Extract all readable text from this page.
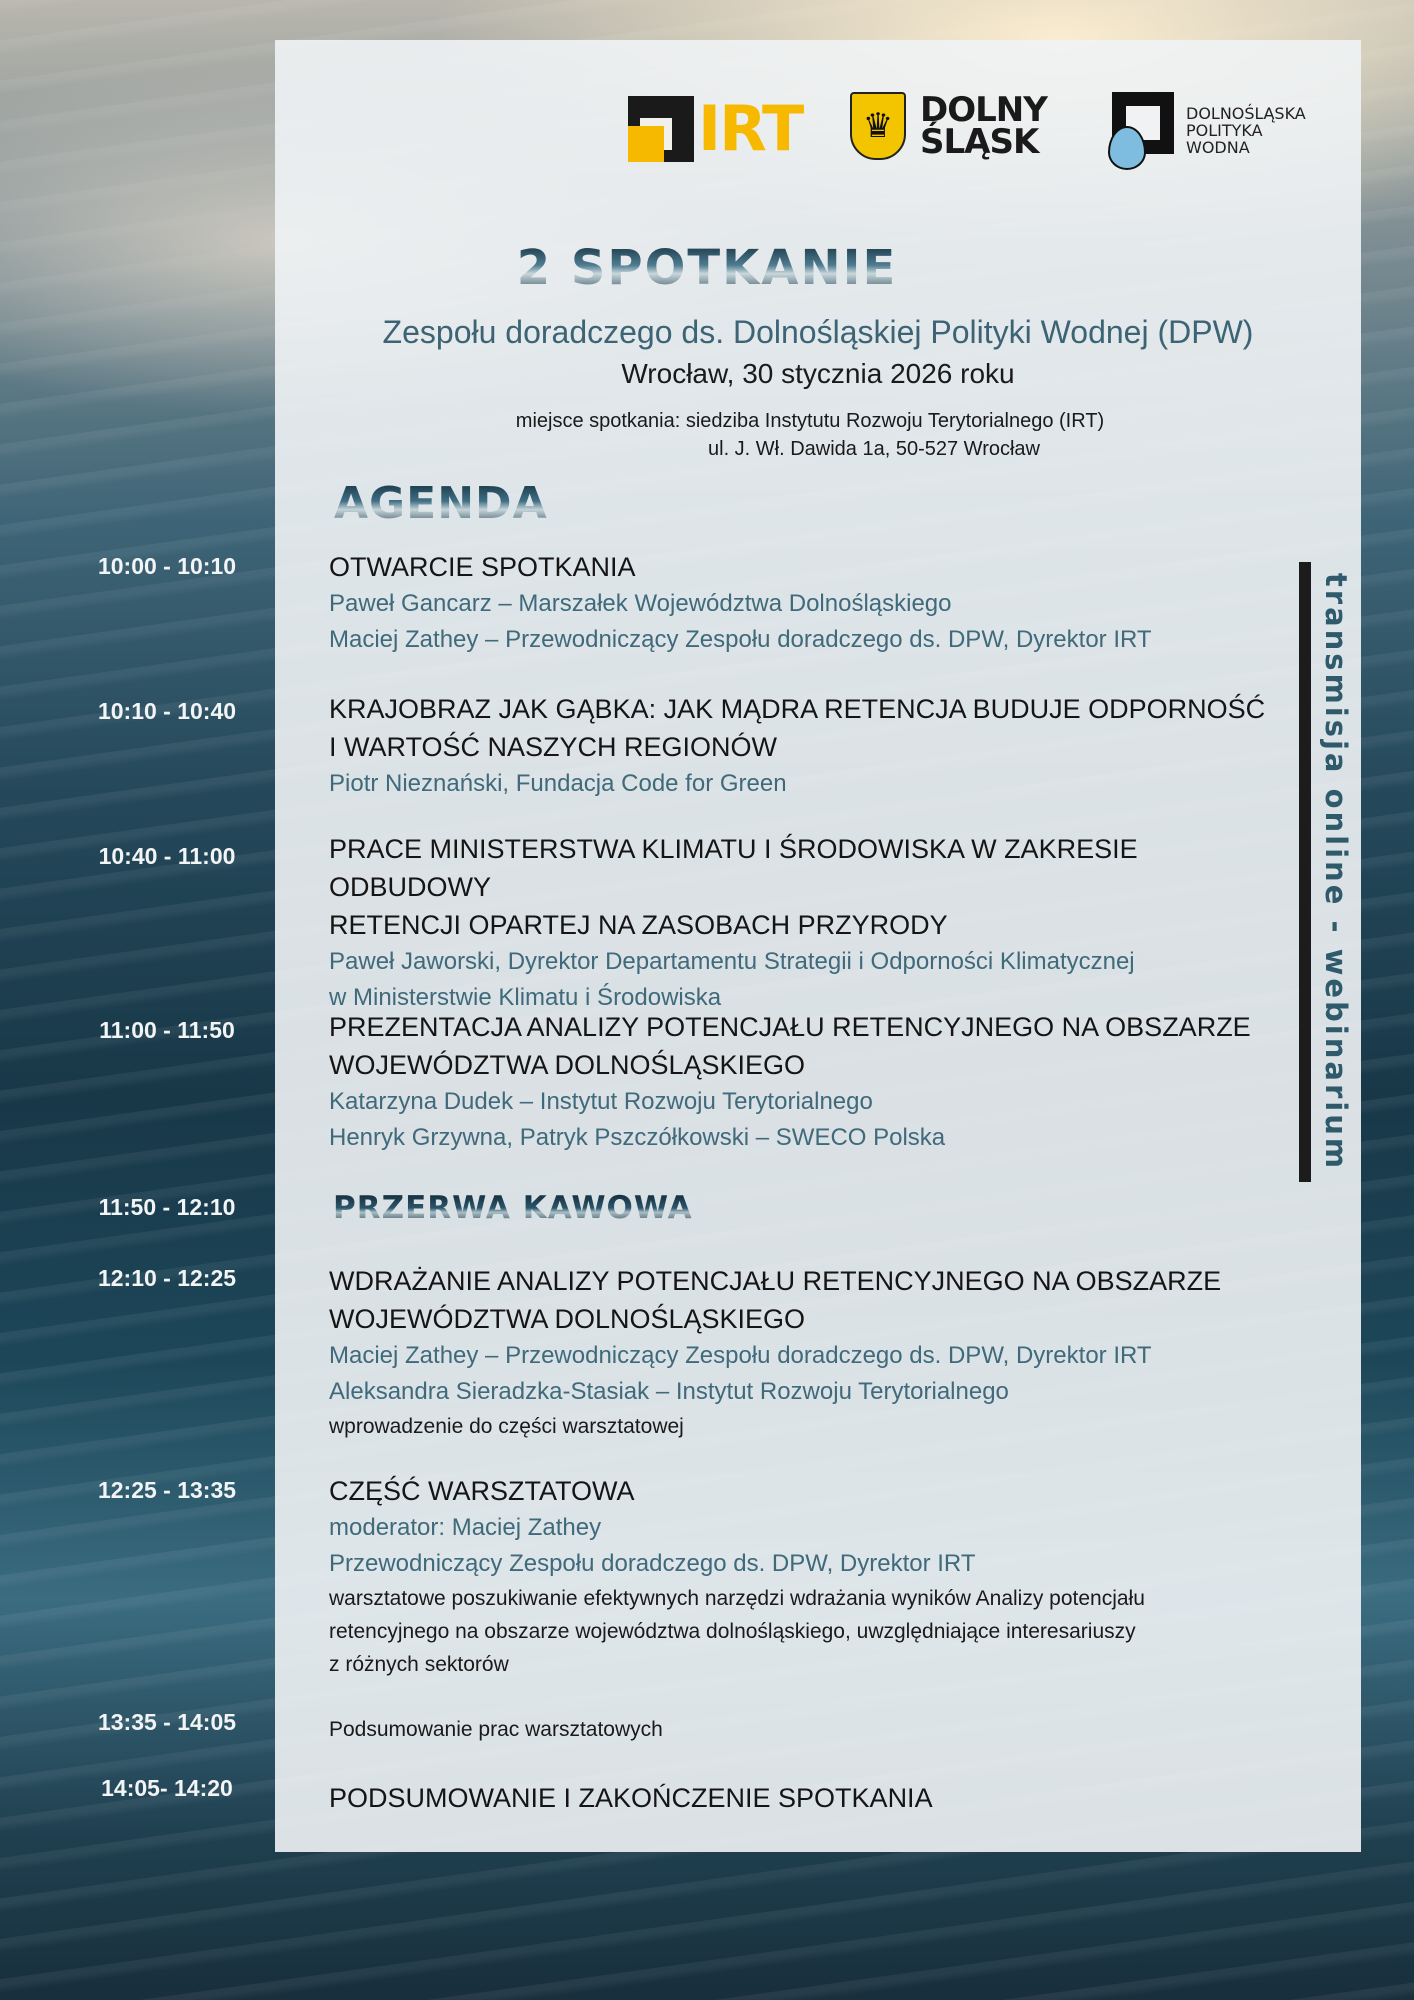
IRT	♛ DOLNY
ŚLĄSK
DOLNOŚLĄSKA
POLITYKA
WODNA
2 SPOTKANIE
Zespołu doradczego ds. Dolnośląskiej Polityki Wodnej (DPW)
Wrocław, 30 stycznia 2026 roku
miejsce spotkania: siedziba Instytutu Rozwoju Terytorialnego (IRT)
ul. J. Wł. Dawida 1a, 50-527 Wrocław
AGENDA
transmisja online - webinarium
10:00 - 10:10	OTWARCIE SPOTKANIA
Paweł Gancarz – Marszałek Województwa Dolnośląskiego
Maciej Zathey – Przewodniczący Zespołu doradczego ds. DPW, Dyrektor IRT
10:10 - 10:40	KRAJOBRAZ JAK GĄBKA: JAK MĄDRA RETENCJA BUDUJE ODPORNOŚĆ
I WARTOŚĆ NASZYCH REGIONÓW
Piotr Nieznański, Fundacja Code for Green
10:40 - 11:00	PRACE MINISTERSTWA KLIMATU I ŚRODOWISKA W ZAKRESIE ODBUDOWY
RETENCJI OPARTEJ NA ZASOBACH PRZYRODY
Paweł Jaworski, Dyrektor Departamentu Strategii i Odporności Klimatycznej
w Ministerstwie Klimatu i Środowiska
11:00 - 11:50	PREZENTACJA ANALIZY POTENCJAŁU RETENCYJNEGO NA OBSZARZE
WOJEWÓDZTWA DOLNOŚLĄSKIEGO
Katarzyna Dudek – Instytut Rozwoju Terytorialnego
Henryk Grzywna, Patryk Pszczółkowski – SWECO Polska
11:50 - 12:10	PRZERWA KAWOWA
12:10 - 12:25	WDRAŻANIE ANALIZY POTENCJAŁU RETENCYJNEGO NA OBSZARZE
WOJEWÓDZTWA DOLNOŚLĄSKIEGO
Maciej Zathey – Przewodniczący Zespołu doradczego ds. DPW, Dyrektor IRT
Aleksandra Sieradzka-Stasiak – Instytut Rozwoju Terytorialnego
wprowadzenie do części warsztatowej
12:25 - 13:35	CZĘŚĆ WARSZTATOWA
moderator: Maciej Zathey
Przewodniczący Zespołu doradczego ds. DPW, Dyrektor IRT
warsztatowe poszukiwanie efektywnych narzędzi wdrażania wyników Analizy potencjału
retencyjnego na obszarze województwa dolnośląskiego, uwzględniające interesariuszy
z różnych sektorów
13:35 - 14:05	Podsumowanie prac warsztatowych
14:05- 14:20	PODSUMOWANIE I ZAKOŃCZENIE SPOTKANIA
